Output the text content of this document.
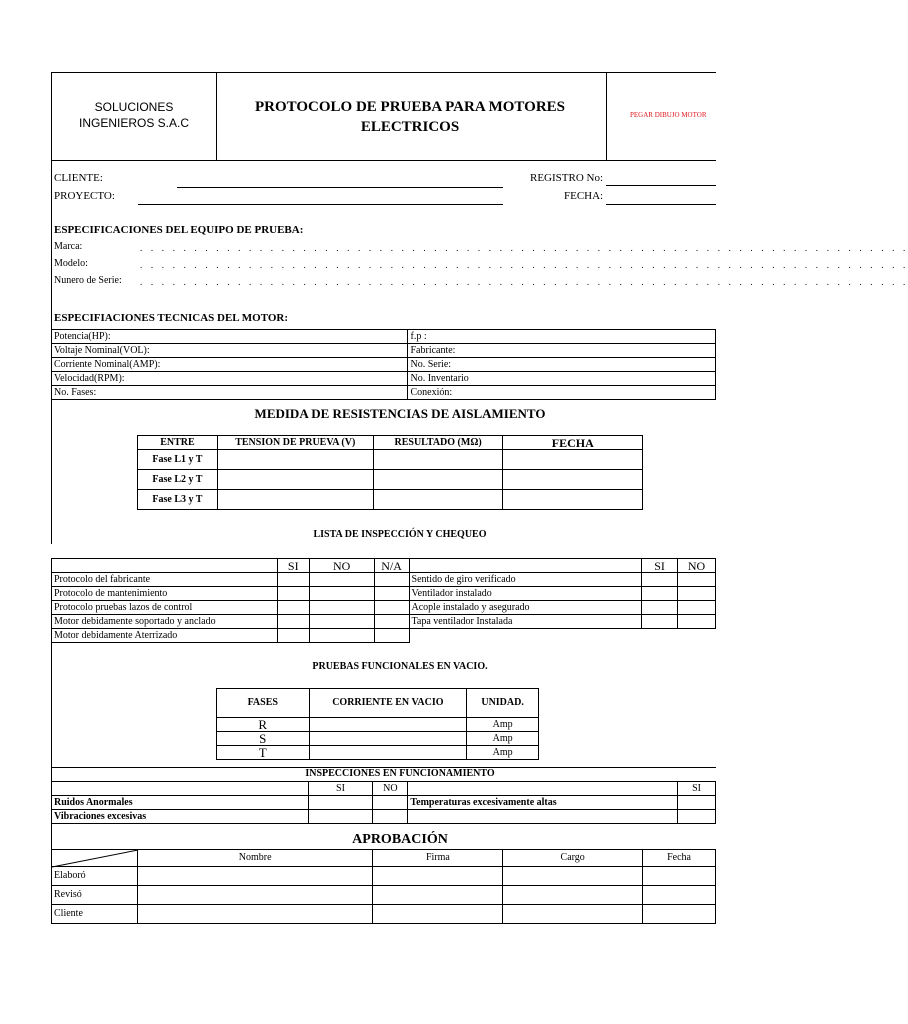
SOLUCIONES
INGENIEROS S.A.C
PROTOCOLO DE PRUEBA PARA MOTORES ELECTRICOS
PEGAR DIBUJO MOTOR
CLIENTE:	REGISTRO No:
PROYECTO:	FECHA:
ESPECIFICACIONES DEL EQUIPO DE PRUEBA:
Marca:	. . . . . . . . . . . . . . . . . . . . . . . . . . . . . . . . . . . . . . . . . . . . . . . . . . . . . . . . . . . . . . . . . . . . . . .
Modelo:	. . . . . . . . . . . . . . . . . . . . . . . . . . . . . . . . . . . . . . . . . . . . . . . . . . . . . . . . . . . . . . . . . . . . . . .
Nunero de Serie: . . . . . . . . . . . . . . . . . . . . . . . . . . . . . . . . . . . . . . . . . . . . . . . . . . . . . . . . . . . . . . . . . . . . . . .
ESPECIFIACIONES TECNICAS DEL MOTOR:
Potencia(HP):	f.p :
Voltaje Nominal(VOL):	Fabricante:
Corriente Nominal(AMP):	No. Serie:
Velocidad(RPM):	No. Inventario
No. Fases:	Conexión:
MEDIDA DE RESISTENCIAS DE AISLAMIENTO
ENTRE	TENSION DE PRUEVA (V)	RESULTADO (MΩ)	FECHA
Fase L1 y T			
Fase L2 y T			
Fase L3 y T			
LISTA DE INSPECCIÓN Y CHEQUEO
	SI	NO	N/A		SI	NO
Protocolo del fabricante				Sentido de giro verificado		
Protocolo de mantenimiento				Ventilador instalado		
Protocolo pruebas lazos de control				Acople instalado y asegurado		
Motor debidamente soportado y anclado				Tapa ventilador Instalada		
Motor debidamente Aterrizado						
PRUEBAS FUNCIONALES EN VACIO.
FASES	CORRIENTE EN VACIO	UNIDAD.
R		Amp
S		Amp
T		Amp
INSPECCIONES EN FUNCIONAMIENTO
	SI	NO		SI
Ruidos Anormales			Temperaturas excesivamente altas	
Vibraciones excesivas				
APROBACIÓN
	Nombre	Firma	Cargo	Fecha
Elaboró				
Revisó				
Cliente				
